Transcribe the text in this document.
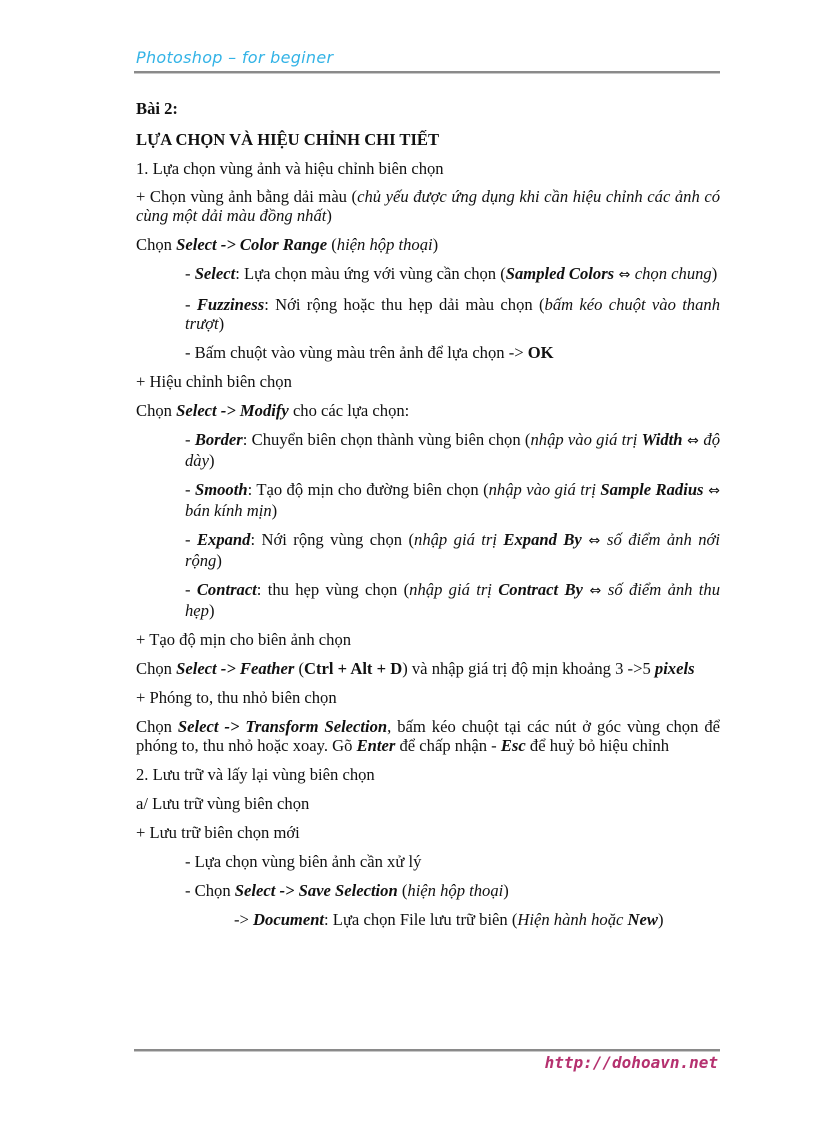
Photoshop – for beginer
Bài 2:
LỰA CHỌN VÀ HIỆU CHỈNH CHI TIẾT
1. Lựa chọn vùng ảnh và hiệu chỉnh biên chọn
+ Chọn vùng ảnh bằng dải màu (chủ yếu được ứng dụng khi cần hiệu chỉnh các ảnh có cùng một dải màu đồng nhất)
Chọn Select -> Color Range (hiện hộp thoại)
- Select: Lựa chọn màu ứng với vùng cần chọn (Sampled Colors ⇔ chọn chung)
- Fuzziness: Nới rộng hoặc thu hẹp dải màu chọn (bấm kéo chuột vào thanh trượt)
- Bấm chuột vào vùng màu trên ảnh để lựa chọn -> OK
+ Hiệu chỉnh biên chọn
Chọn Select -> Modify cho các lựa chọn:
- Border: Chuyển biên chọn thành vùng biên chọn (nhập vào giá trị Width ⇔ độ dày)
- Smooth: Tạo độ mịn cho đường biên chọn (nhập vào giá trị Sample Radius ⇔ bán kính mịn)
- Expand: Nới rộng vùng chọn (nhập giá trị Expand By ⇔ số điểm ảnh nới rộng)
- Contract: thu hẹp vùng chọn (nhập giá trị Contract By ⇔ số điểm ảnh thu hẹp)
+ Tạo độ mịn cho biên ảnh chọn
Chọn Select -> Feather (Ctrl + Alt + D) và nhập giá trị độ mịn khoảng 3 ->5 pixels
+ Phóng to, thu nhỏ biên chọn
Chọn Select -> Transform Selection, bấm kéo chuột tại các nút ở góc vùng chọn để phóng to, thu nhỏ hoặc xoay. Gõ Enter để chấp nhận - Esc để huỷ bỏ hiệu chỉnh
2. Lưu trữ và lấy lại vùng biên chọn
a/ Lưu trữ vùng biên chọn
+ Lưu trữ biên chọn mới
- Lựa chọn vùng biên ảnh cần xử lý
- Chọn Select -> Save Selection (hiện hộp thoại)
-> Document: Lựa chọn File lưu trữ biên (Hiện hành hoặc New)
http://dohoavn.net
